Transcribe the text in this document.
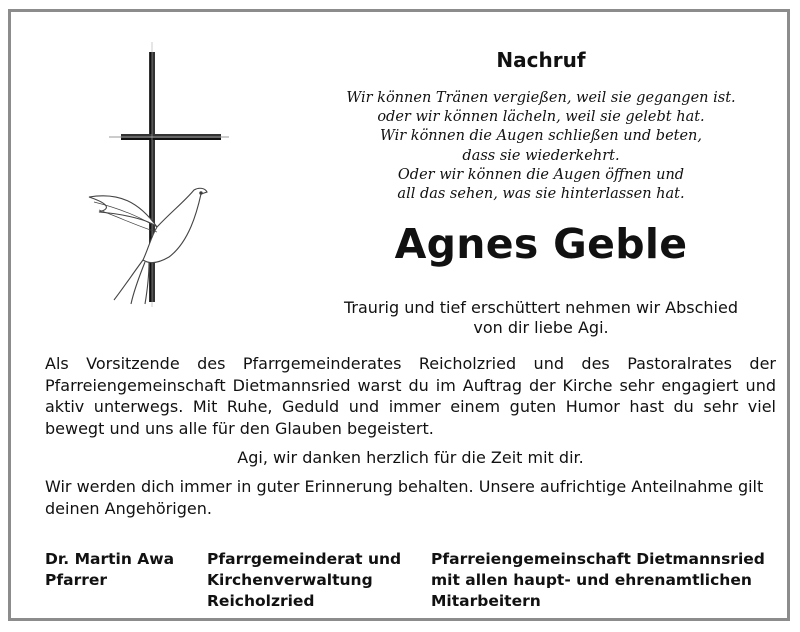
Nachruf
Wir können Tränen vergießen, weil sie gegangen ist.
oder wir können lächeln, weil sie gelebt hat.
Wir können die Augen schließen und beten,
dass sie wiederkehrt.
Oder wir können die Augen öffnen und
all das sehen, was sie hinterlassen hat.
Agnes Geble
Traurig und tief erschüttert nehmen wir Abschied
von dir liebe Agi.
Als Vorsitzende des Pfarrgemeinderates Reicholzried und des Pastoralrates der Pfarreiengemeinschaft Dietmannsried warst du im Auftrag der Kirche sehr engagiert und aktiv unterwegs. Mit Ruhe, Geduld und immer einem guten Humor hast du sehr viel bewegt und uns alle für den Glauben begeistert.
Agi, wir danken herzlich für die Zeit mit dir.
Wir werden dich immer in guter Erinnerung behalten. Unsere aufrichtige Anteilnahme gilt deinen Angehörigen.
Dr. Martin Awa
Pfarrer
Pfarrgemeinderat und
Kirchenverwaltung
Reicholzried
Pfarreiengemeinschaft Dietmannsried
mit allen haupt- und ehrenamtlichen
Mitarbeitern
